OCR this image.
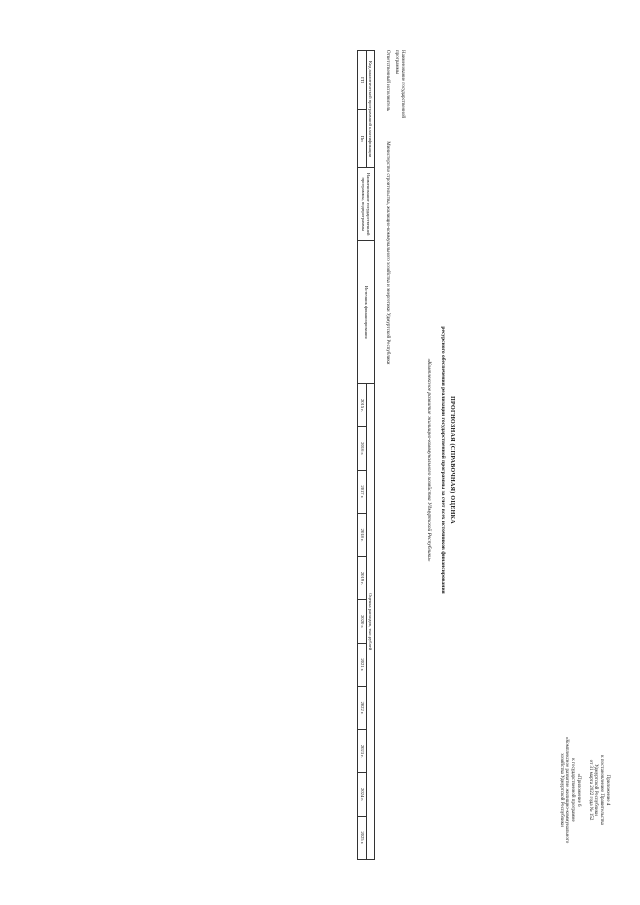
Приложение 4
к постановлению Правительства
Удмуртской Республики
от 31 марта 2022 года № 152
«Приложение 6
к государственной программе
«Комплексное развитие жилищно-коммунального
хозяйства Удмуртской Республики
ПРОГНОЗНАЯ (СПРАВОЧНАЯ) ОЦЕНКА
ресурсного обеспечения реализации государственной программы за счет всех источников финансирования
«Комплексное развитие жилищно-коммунального хозяйства Удмуртской Республики»
Наименование государственной программы
Ответственный исполнитель Министерство строительства, жилищно-коммунального хозяйства и энергетики Удмуртской Республики
Код аналитической программной классификации		Наименование государственной программы, подпрограммы	Источник финансирования	Оценка расходов, тыс.рублей										
ГП	Пп			2015 г.	2016 г.	2017 г.	2018 г.	2019 г.	2020 г.	2021 г.	2022 г.	2023 г.	2024 г.	2025 г.
